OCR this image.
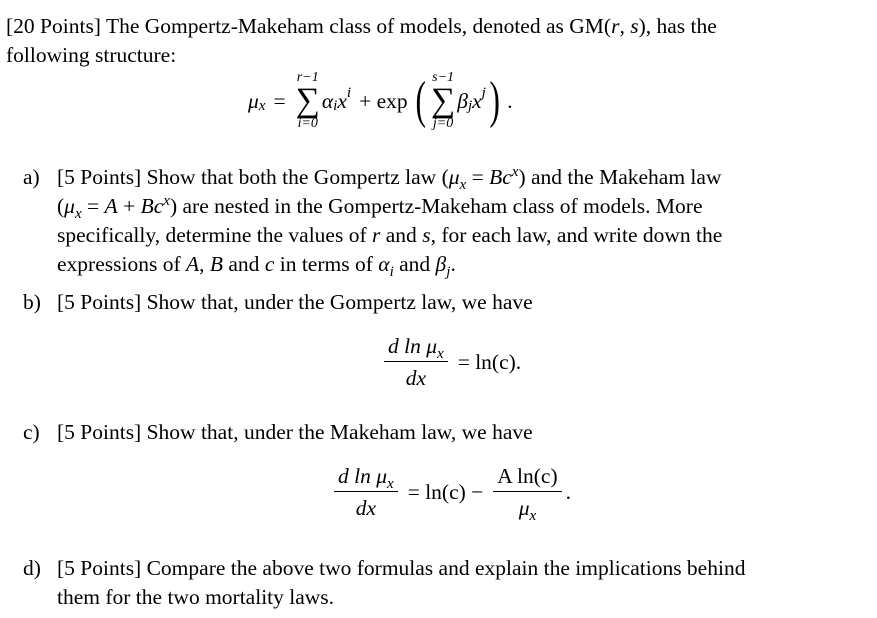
[20 Points] The Gompertz-Makeham class of models, denoted as GM(r, s), has the
following structure:
$\mu_x$ =
r−1
∑
i=0
$\alpha_i$ $x^i + \exp$ ( s−1
∑
j=0
$\beta_j$ $x^j$ ) .
a) [5 Points] Show that both the Gompertz law $(\mu_x = Bc^x)$ and the Makeham law
$(\mu_x = A + Bc^x)$ are nested in the Gompertz-Makeham class of models. More
specifically, determine the values of r and s, for each law, and write down the
expressions of A, B and c in terms of $\alpha_i$ and $\beta_j$.
b) [5 Points] Show that, under the Gompertz law, we have
$\frac{d \ln \mu_x}{dx} = \ln(c)$.
c) [5 Points] Show that, under the Makeham law, we have
$\frac{d \ln \mu_x}{dx} = \ln(c) - \frac{\text{A ln(c)}}{\mu_x}$ .
d) [5 Points] Compare the above two formulas and explain the implications behind
them for the two mortality laws.
